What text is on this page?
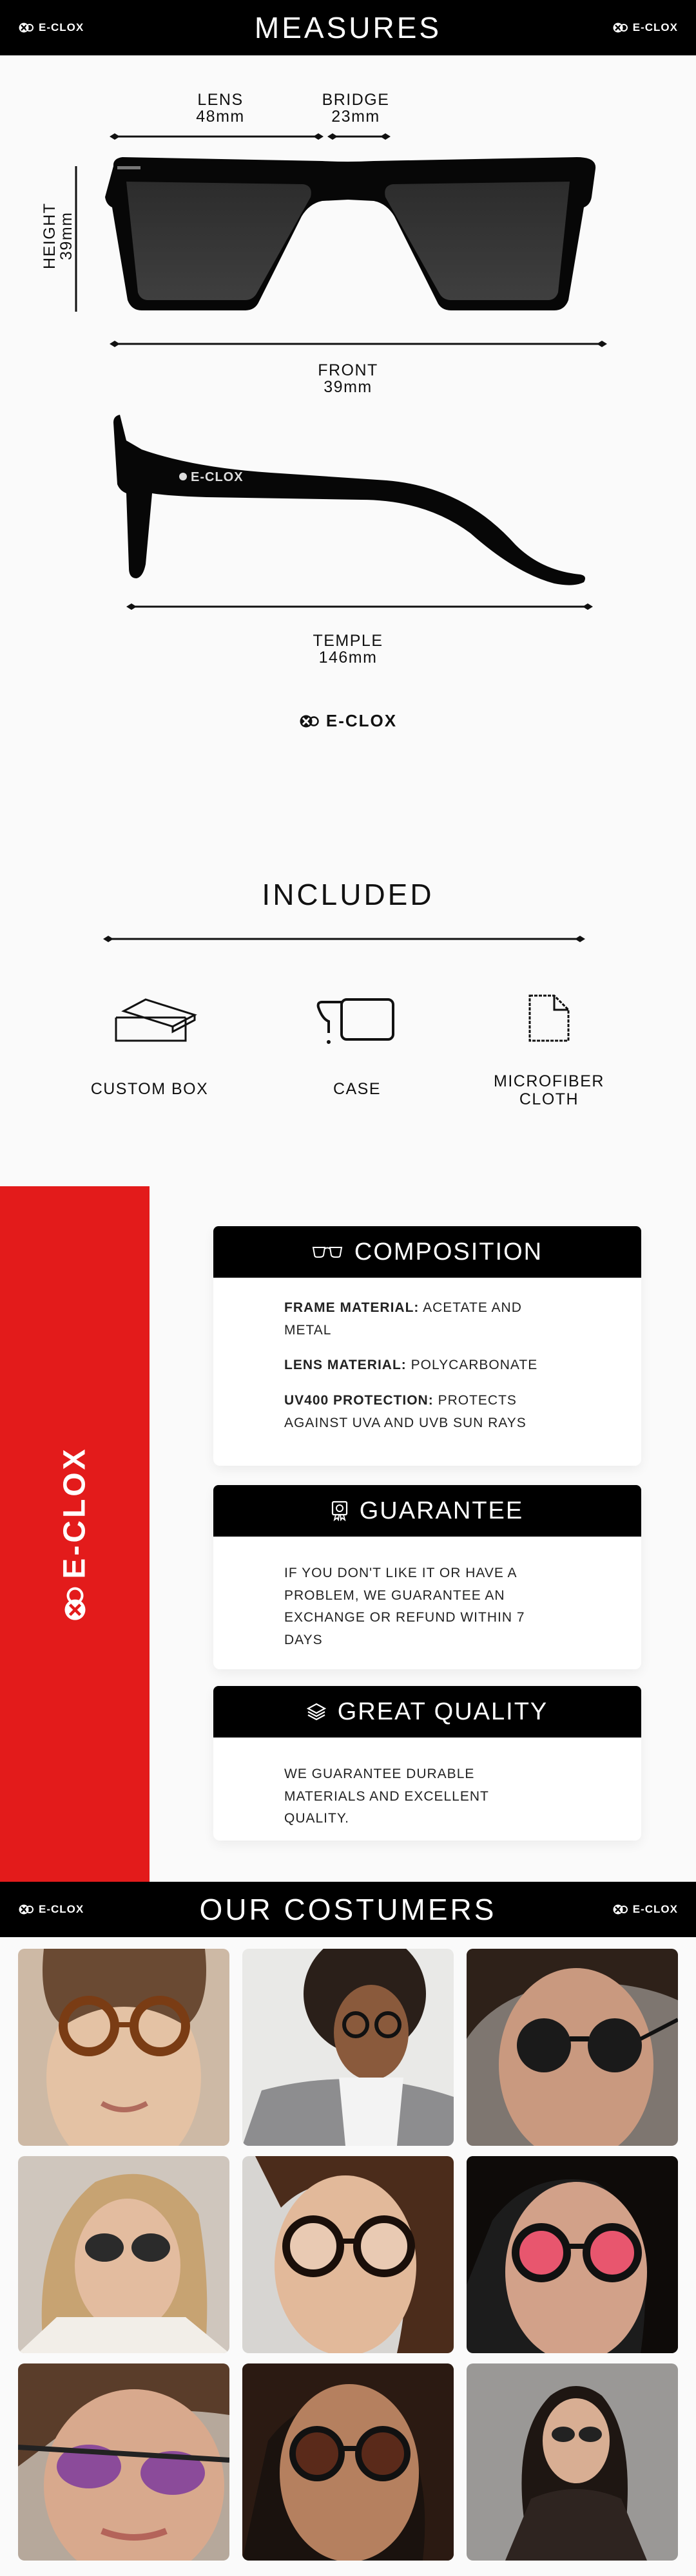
E-CLOX	MEASURES	E-CLOX
LENS
48mm
BRIDGE
23mm
HEIGHT
39mm
FRONT
39mm
TEMPLE
146mm
E-CLOX
E-CLOX
INCLUDED
CUSTOM BOX	CASE	MICROFIBER
CLOTH
E-CLOX
COMPOSITION

FRAME MATERIAL: ACETATE AND METAL

LENS MATERIAL: POLYCARBONATE

UV400 PROTECTION: PROTECTS AGAINST UVA AND UVB SUN RAYS

GUARANTEE

IF YOU DON'T LIKE IT OR HAVE A PROBLEM, WE GUARANTEE AN EXCHANGE OR REFUND WITHIN 7 DAYS

GREAT QUALITY

WE GUARANTEE DURABLE MATERIALS AND EXCELLENT QUALITY.

E-CLOX	OUR COSTUMERS	E-CLOX
